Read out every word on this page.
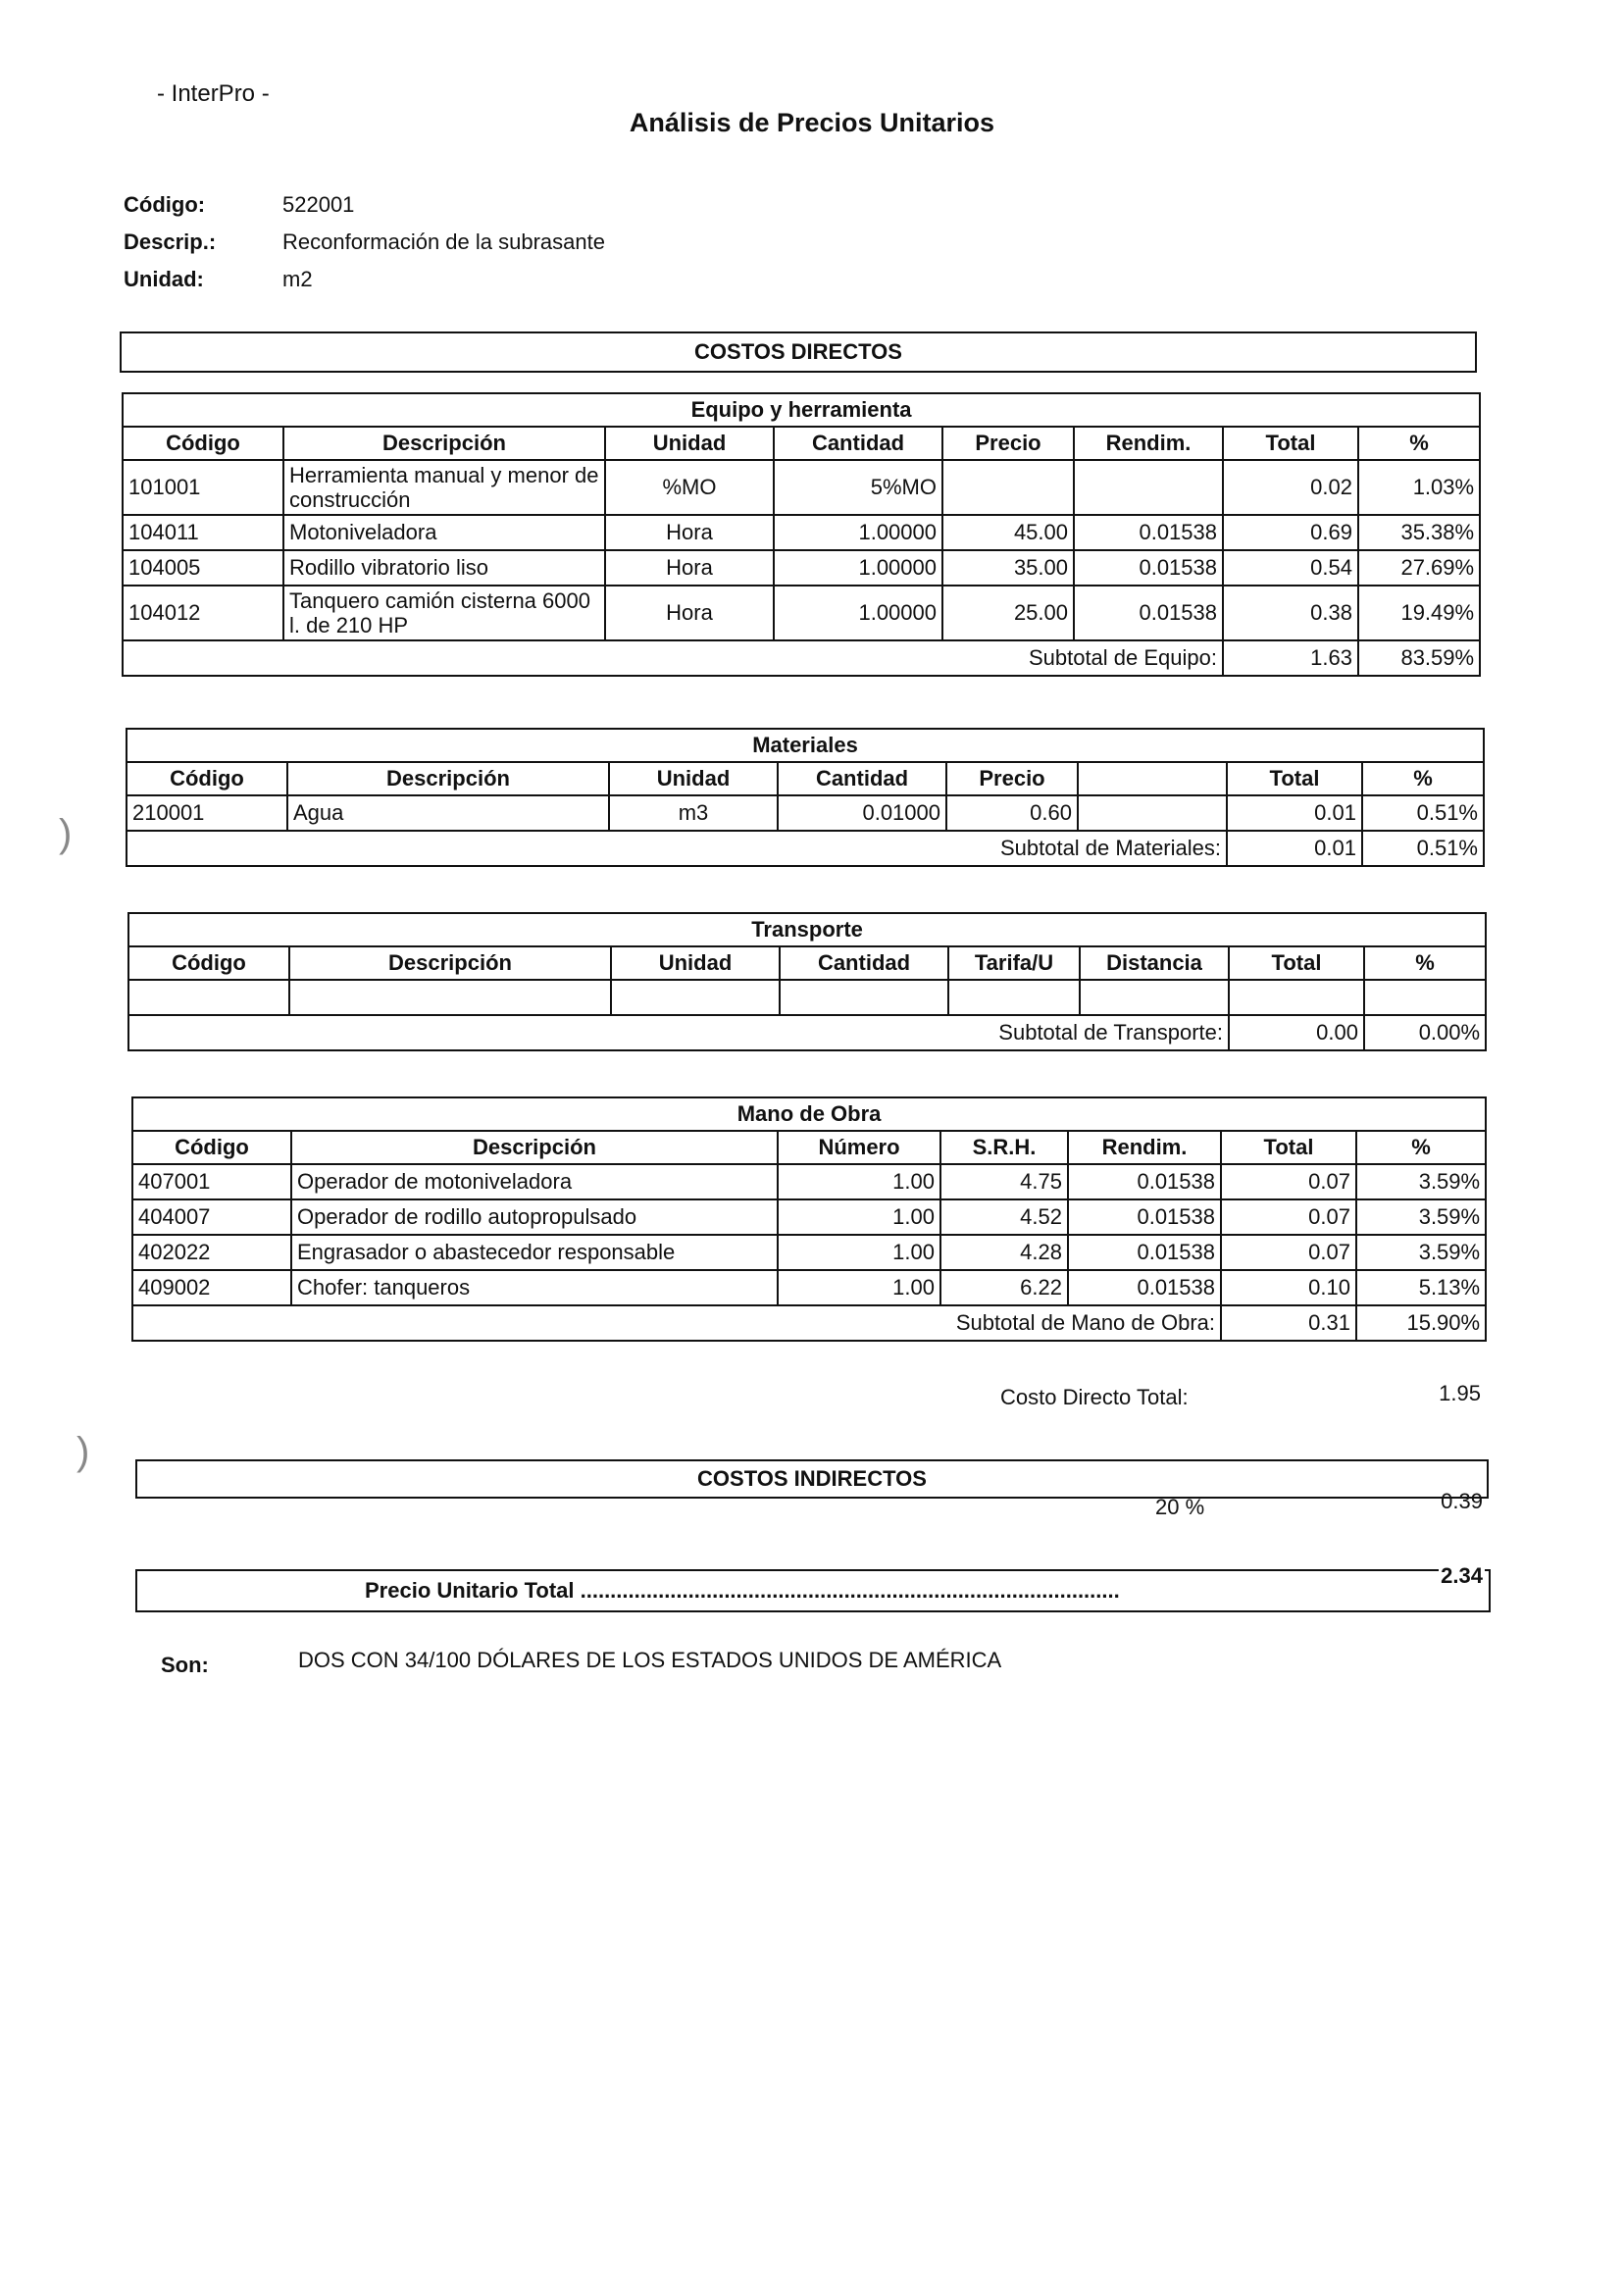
- InterPro -
Análisis de Precios Unitarios
Código:	522001
Descrip.:	Reconformación de la subrasante
Unidad:	m2
COSTOS DIRECTOS
Equipo y herramienta							
Código	Descripción	Unidad	Cantidad	Precio	Rendim.	Total	%
101001	Herramienta manual y menor de construcción	%MO	5%MO			0.02	1.03%
104011	Motoniveladora	Hora	1.00000	45.00	0.01538	0.69	35.38%
104005	Rodillo vibratorio liso	Hora	1.00000	35.00	0.01538	0.54	27.69%
104012	Tanquero camión cisterna 6000 l. de 210 HP	Hora	1.00000	25.00	0.01538	0.38	19.49%
Subtotal de Equipo:						1.63	83.59%
Materiales							
Código	Descripción	Unidad	Cantidad	Precio		Total	%
210001	Agua	m3	0.01000	0.60		0.01	0.51%
Subtotal de Materiales:						0.01	0.51%
Transporte							
Código	Descripción	Unidad	Cantidad	Tarifa/U	Distancia	Total	%

Subtotal de Transporte:						0.00	0.00%
Mano de Obra						
Código	Descripción	Número	S.R.H.	Rendim.	Total	%
407001	Operador de motoniveladora	1.00	4.75	0.01538	0.07	3.59%
404007	Operador de rodillo autopropulsado	1.00	4.52	0.01538	0.07	3.59%
402022	Engrasador o abastecedor responsable	1.00	4.28	0.01538	0.07	3.59%
409002	Chofer: tanqueros	1.00	6.22	0.01538	0.10	5.13%
Subtotal de Mano de Obra:					0.31	15.90%
Costo Directo Total:	1.95
COSTOS INDIRECTOS
20 %	0.39
Precio Unitario Total ..........................................................................................
2.34
Son:	DOS CON 34/100 DÓLARES DE LOS ESTADOS UNIDOS DE AMÉRICA
)
)
